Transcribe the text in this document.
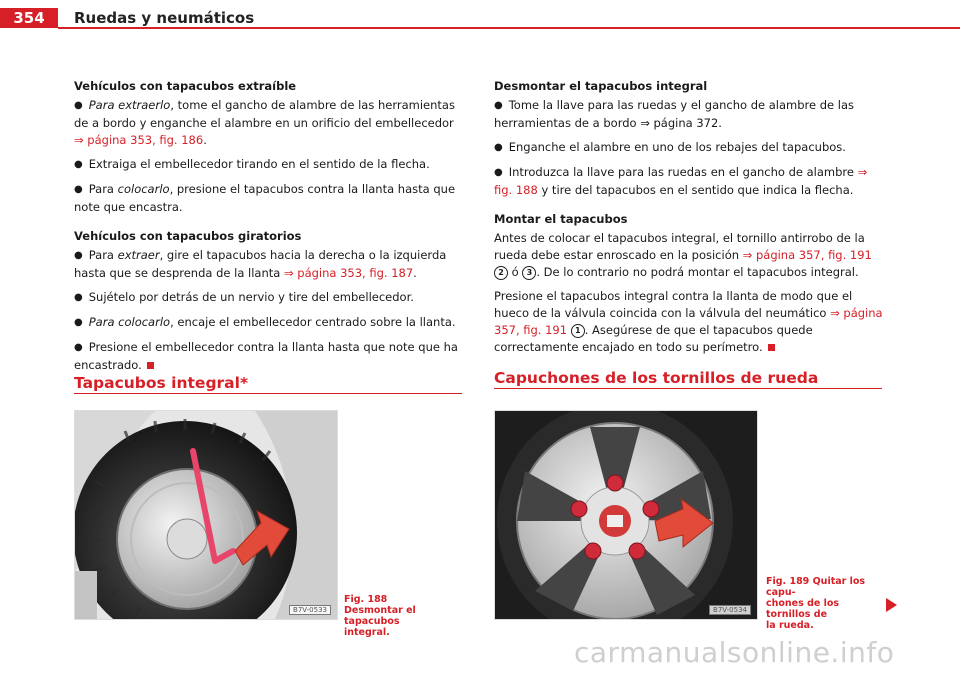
354	Ruedas y neumáticos

Vehículos con tapacubos extraíble

● Para extraerlo, tome el gancho de alambre de las herramientas de a bordo y enganche el alambre en un orificio del embellecedor ⇒ página 353, fig. 186.

● Extraiga el embellecedor tirando en el sentido de la flecha.

● Para colocarlo, presione el tapacubos contra la llanta hasta que note que encastra.

Vehículos con tapacubos giratorios

● Para extraer, gire el tapacubos hacia la derecha o la izquierda hasta que se desprenda de la llanta ⇒ página 353, fig. 187.

● Sujételo por detrás de un nervio y tire del embellecedor.

● Para colocarlo, encaje el embellecedor centrado sobre la llanta.

● Presione el embellecedor contra la llanta hasta que note que ha encastrado.

Desmontar el tapacubos integral

● Tome la llave para las ruedas y el gancho de alambre de las herramientas de a bordo ⇒ página 372.

● Enganche el alambre en uno de los rebajes del tapacubos.

● Introduzca la llave para las ruedas en el gancho de alambre ⇒ fig. 188 y tire del tapacubos en el sentido que indica la flecha.

Montar el tapacubos

Antes de colocar el tapacubos integral, el tornillo antirrobo de la rueda debe estar enroscado en la posición ⇒ página 357, fig. 191 2 ó 3 . De lo contrario no podrá montar el tapacubos integral.

Presione el tapacubos integral contra la llanta de modo que el hueco de la válvula coincida con la válvula del neumático ⇒ página 357, fig. 191 1 . Asegúrese de que el tapacubos quede correctamente encajado en todo su perímetro.

Tapacubos integral*	Capuchones de los tornillos de rueda
B7V-0533
Fig. 188 Desmontar el
tapacubos integral.
B7V-0534
Fig. 189 Quitar los capu-
chones de los tornillos de
la rueda.
carmanualsonline.info
